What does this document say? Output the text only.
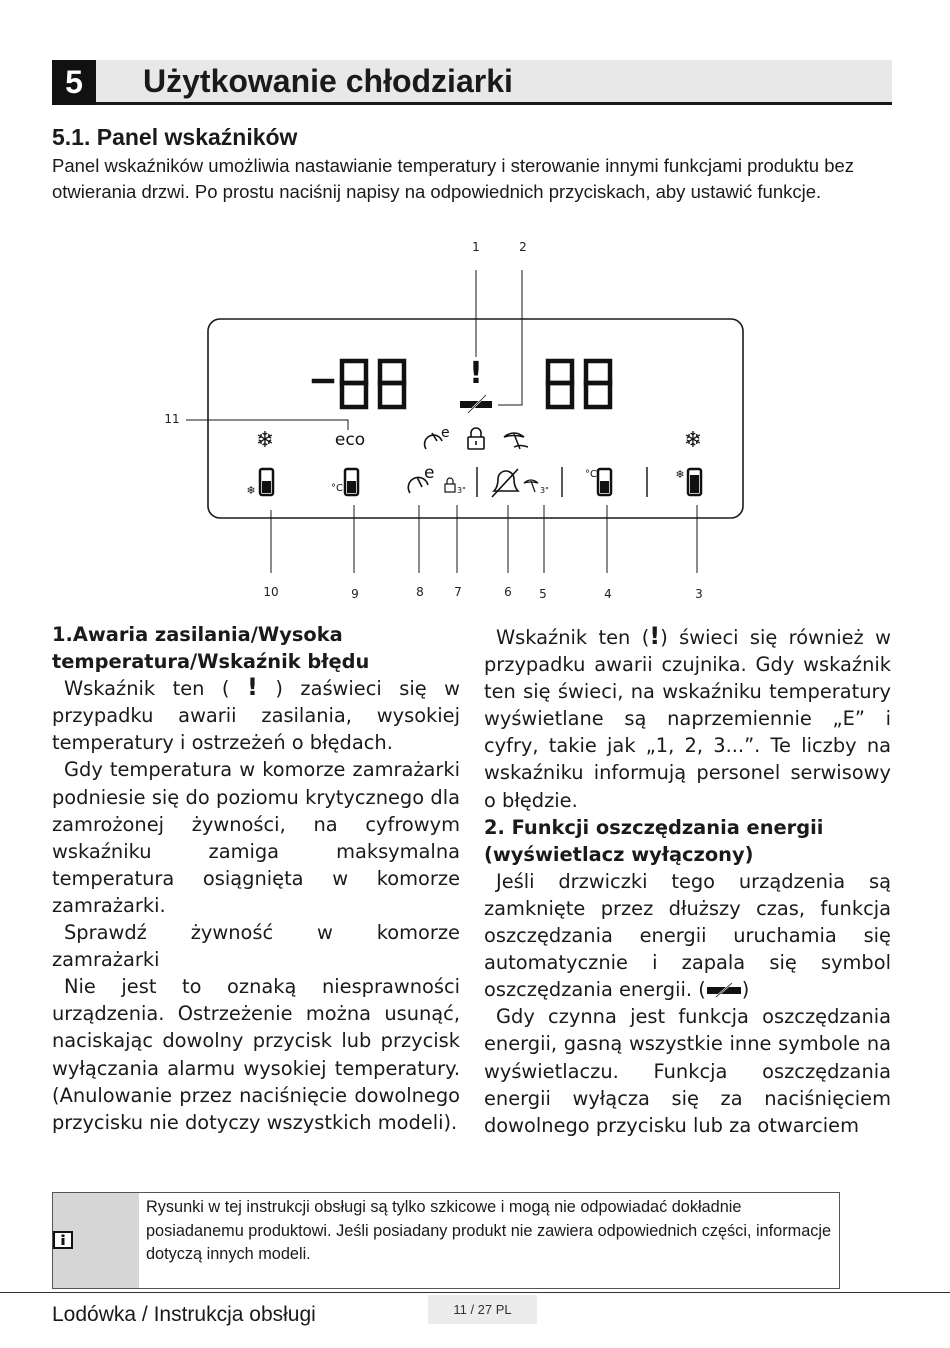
5	Użytkowanie chłodziarki
5.1. Panel wskaźników
Panel wskaźników umożliwia nastawianie temperatury i sterowanie innymi funkcjami produktu bez otwierania drzwi. Po prostu naciśnij napisy na odpowiednich przyciskach, aby ustawić funkcje.
1	2
11
10	9	8	7	6 5	4	3
!
❄	eco	e	❄
❄	°C
e
3"	3"
°C	❄
1.Awaria zasilania/Wysoka temperatura/Wskaźnik błędu

Wskaźnik ten ( ! ) zaświeci się w przypadku awarii zasilania, wysokiej temperatury i ostrzeżeń o błędach.

Gdy temperatura w komorze zamrażarki podniesie się do poziomu krytycznego dla zamrożonej żywności, na cyfrowym wskaźniku zamiga maksymalna temperatura osiągnięta w komorze zamrażarki.

Sprawdź żywność w komorze zamrażarki

Nie jest to oznaką niesprawności urządzenia. Ostrzeżenie można usunąć, naciskając dowolny przycisk lub przycisk wyłączania alarmu wysokiej temperatury. (Anulowanie przez naciśnięcie dowolnego przycisku nie dotyczy wszystkich modeli).

Wskaźnik ten (!) świeci się również w przypadku awarii czujnika. Gdy wskaźnik ten się świeci, na wskaźniku temperatury wyświetlane są naprzemiennie „E” i cyfry, takie jak „1, 2, 3...”. Te liczby na wskaźniku informują personel serwisowy o błędzie.

2. Funkcji oszczędzania energii (wyświetlacz wyłączony)

Jeśli drzwiczki tego urządzenia są zamknięte przez dłuższy czas, funkcja oszczędzania energii uruchamia się automatycznie i zapala się symbol oszczędzania energii. ( )

Gdy czynna jest funkcja oszczędzania energii, gasną wszystkie inne symbole na wyświetlaczu. Funkcja oszczędzania energii wyłącza się za naciśnięciem dowolnego przycisku lub za otwarciem

Rysunki w tej instrukcji obsługi są tylko szkicowe i mogą nie odpowiadać dokładnie posiadanemu produktowi. Jeśli posiadany produkt nie zawiera odpowiednich części, informacje dotyczą innych modeli.
Lodówka / Instrukcja obsługi	11 / 27 PL
